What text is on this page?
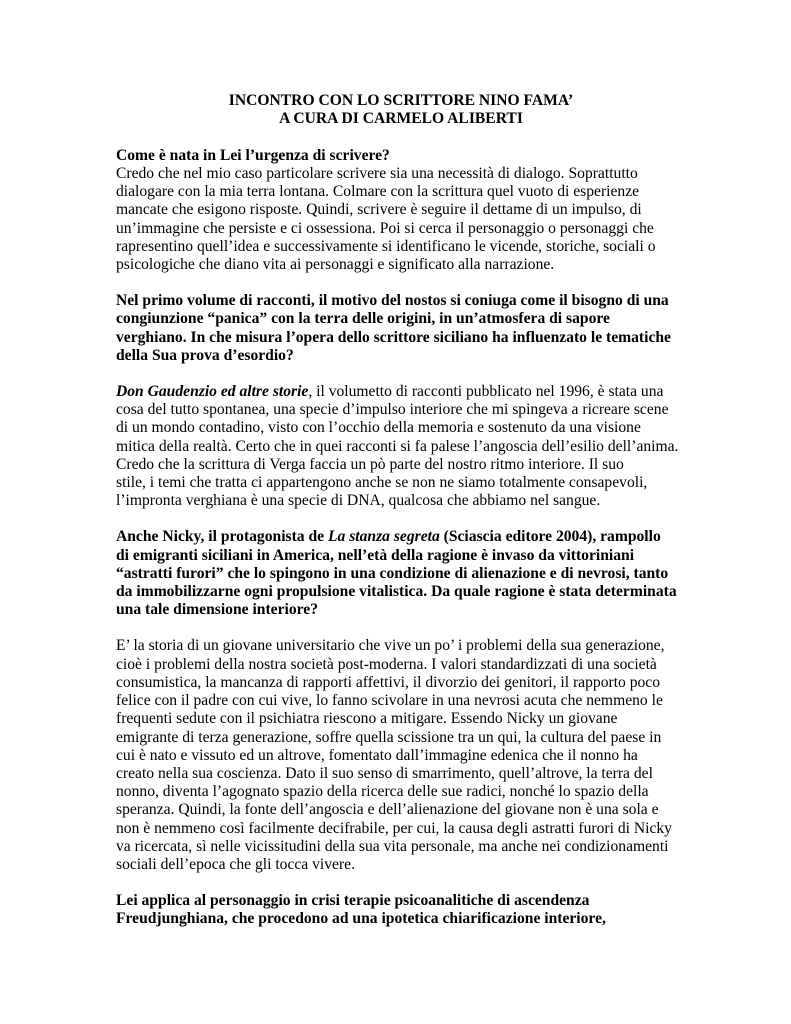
INCONTRO CON LO SCRITTORE NINO FAMA’
A CURA DI CARMELO ALIBERTI
Come è nata in Lei l’urgenza di scrivere?
Credo che nel mio caso particolare scrivere sia una necessità di dialogo. Soprattutto
dialogare con la mia terra lontana. Colmare con la scrittura quel vuoto di esperienze
mancate che esigono risposte. Quindi, scrivere è seguire il dettame di un impulso, di
un’immagine che persiste e ci ossessiona. Poi si cerca il personaggio o personaggi che
rapresentino quell’idea e successivamente si identificano le vicende, storiche, sociali o
psicologiche che diano vita ai personaggi e significato alla narrazione.
Nel primo volume di racconti, il motivo del nostos si coniuga come il bisogno di una
congiunzione “panica” con la terra delle origini, in un’atmosfera di sapore
verghiano. In che misura l’opera dello scrittore siciliano ha influenzato le tematiche
della Sua prova d’esordio?
Don Gaudenzio ed altre storie, il volumetto di racconti pubblicato nel 1996, è stata una
cosa del tutto spontanea, una specie d’impulso interiore che mi spingeva a ricreare scene
di un mondo contadino, visto con l’occhio della memoria e sostenuto da una visione
mitica della realtà. Certo che in quei racconti si fa palese l’angoscia dell’esilio dell’anima.
Credo che la scrittura di Verga faccia un pò parte del nostro ritmo interiore. Il suo
stile, i temi che tratta ci appartengono anche se non ne siamo totalmente consapevoli,
l’impronta verghiana è una specie di DNA, qualcosa che abbiamo nel sangue.
Anche Nicky, il protagonista de La stanza segreta (Sciascia editore 2004), rampollo
di emigranti siciliani in America, nell’età della ragione è invaso da vittoriniani
“astratti furori” che lo spingono in una condizione di alienazione e di nevrosi, tanto
da immobilizzarne ogni propulsione vitalistica. Da quale ragione è stata determinata
una tale dimensione interiore?
E’ la storia di un giovane universitario che vive un po’ i problemi della sua generazione,
cioè i problemi della nostra società post-moderna. I valori standardizzati di una società
consumistica, la mancanza di rapporti affettivi, il divorzio dei genitori, il rapporto poco
felice con il padre con cui vive, lo fanno scivolare in una nevrosi acuta che nemmeno le
frequenti sedute con il psichiatra riescono a mitigare. Essendo Nicky un giovane
emigrante di terza generazione, soffre quella scissione tra un qui, la cultura del paese in
cui è nato e vissuto ed un altrove, fomentato dall’immagine edenica che il nonno ha
creato nella sua coscienza. Dato il suo senso di smarrimento, quell’altrove, la terra del
nonno, diventa l’agognato spazio della ricerca delle sue radici, nonché lo spazio della
speranza. Quindi, la fonte dell’angoscia e dell’alienazione del giovane non è una sola e
non è nemmeno così facilmente decifrabile, per cui, la causa degli astratti furori di Nicky
va ricercata, sì nelle vicissitudini della sua vita personale, ma anche nei condizionamenti
sociali dell’epoca che gli tocca vivere.
Lei applica al personaggio in crisi terapie psicoanalitiche di ascendenza
Freudjunghiana, che procedono ad una ipotetica chiarificazione interiore,
